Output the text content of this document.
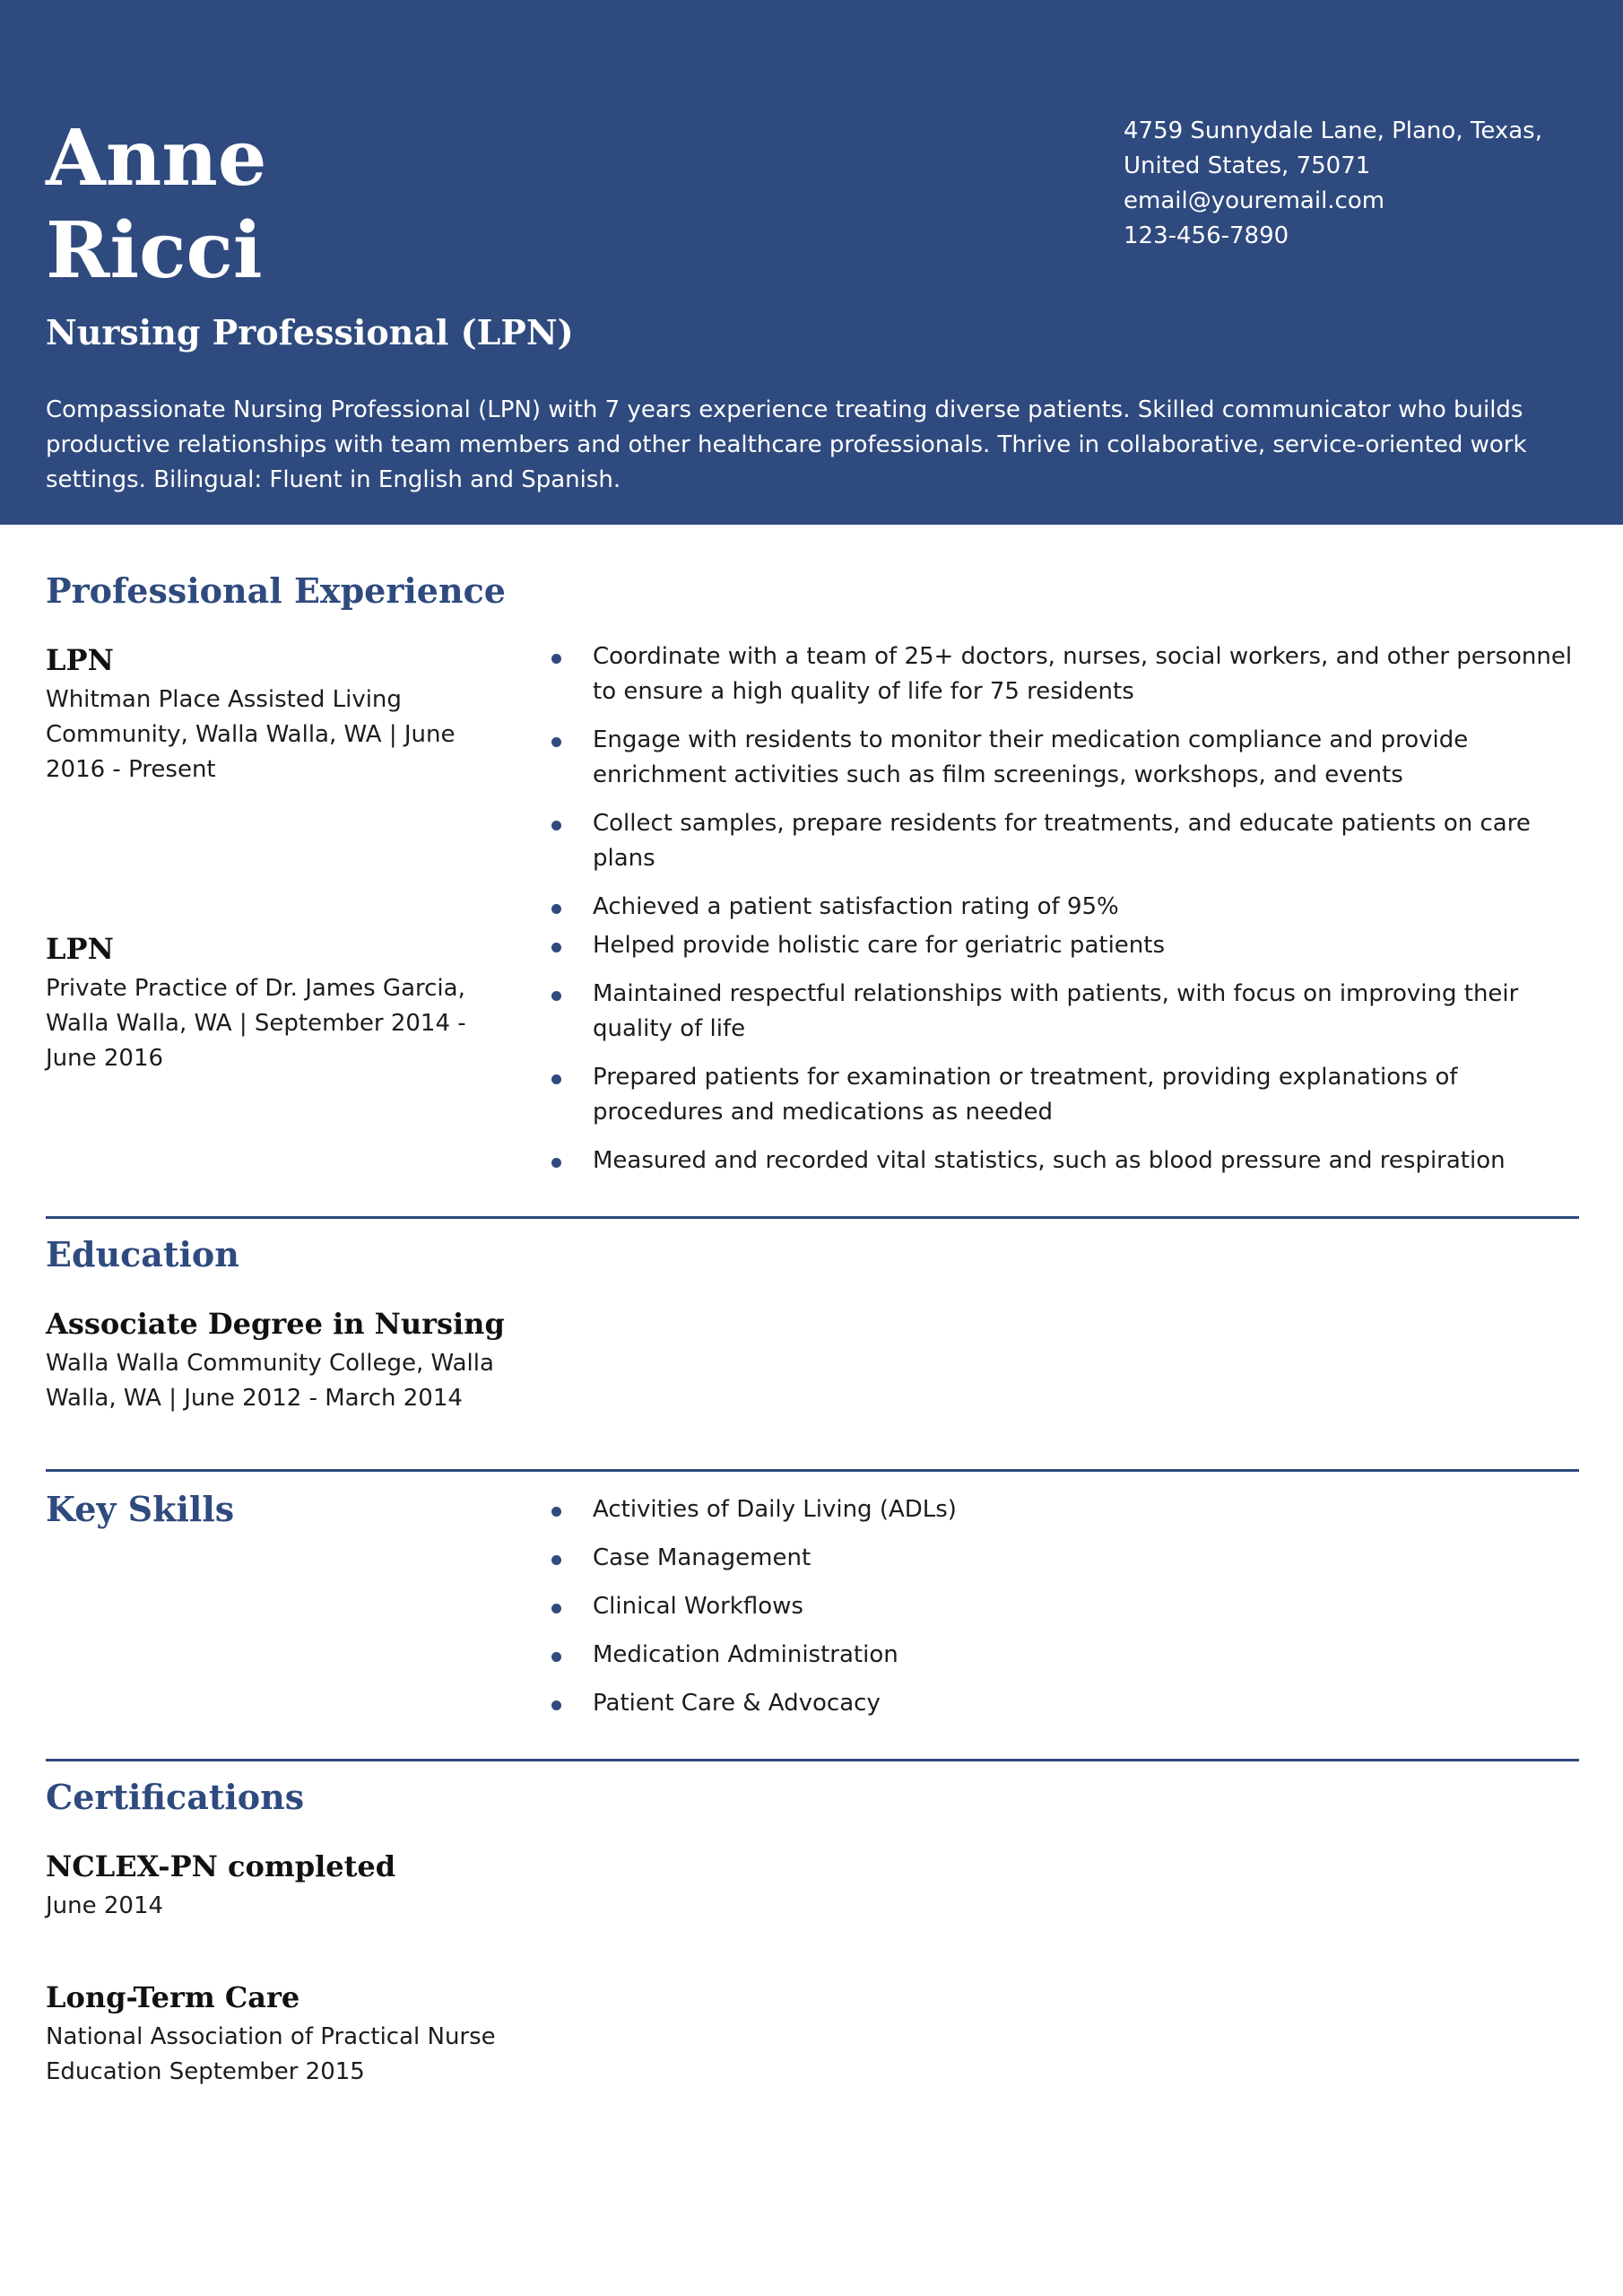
Anne
Ricci
Nursing Professional (LPN)
4759 Sunnydale Lane, Plano, Texas,
United States, 75071
email@youremail.com
123-456-7890

Compassionate Nursing Professional (LPN) with 7 years experience treating diverse patients. Skilled communicator who builds productive relationships with team members and other healthcare professionals. Thrive in collaborative, service-oriented work settings. Bilingual: Fluent in English and Spanish.

Professional Experience
LPN

Whitman Place Assisted Living Community, Walla Walla, WA | June 2016 - Present

Coordinate with a team of 25+ doctors, nurses, social workers, and other personnel to ensure a high quality of life for 75 residents
Engage with residents to monitor their medication compliance and provide enrichment activities such as film screenings, workshops, and events
Collect samples, prepare residents for treatments, and educate patients on care plans
Achieved a patient satisfaction rating of 95%
LPN

Private Practice of Dr. James Garcia, Walla Walla, WA | September 2014 - June 2016

Helped provide holistic care for geriatric patients
Maintained respectful relationships with patients, with focus on improving their quality of life
Prepared patients for examination or treatment, providing explanations of procedures and medications as needed
Measured and recorded vital statistics, such as blood pressure and respiration
Education
Associate Degree in Nursing

Walla Walla Community College, Walla Walla, WA | June 2012 - March 2014

Key Skills	Activities of Daily Living (ADLs)
Case Management
Clinical Workflows
Medication Administration
Patient Care & Advocacy
Certifications
NCLEX-PN completed

June 2014

Long-Term Care

National Association of Practical Nurse Education September 2015
